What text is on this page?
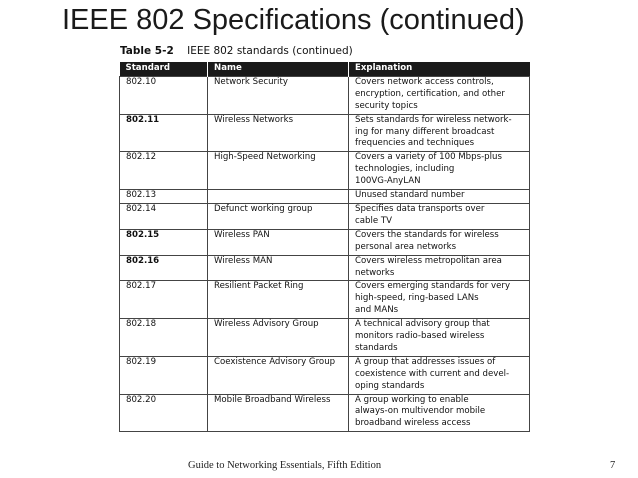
IEEE 802 Specifications (continued)
Table 5-2 IEEE 802 standards (continued)
Standard	Name	Explanation
802.10	Network Security	Covers network access controls,
encryption, certification, and other
security topics

802.11	Wireless Networks	Sets standards for wireless network-
ing for many different broadcast
frequencies and techniques

802.12	High-Speed Networking	Covers a variety of 100 Mbps-plus
technologies, including
100VG-AnyLAN

802.13		Unused standard number

802.14	Defunct working group	Specifies data transports over
cable TV

802.15	Wireless PAN	Covers the standards for wireless
personal area networks

802.16	Wireless MAN	Covers wireless metropolitan area
networks

802.17	Resilient Packet Ring	Covers emerging standards for very
high-speed, ring-based LANs
and MANs

802.18	Wireless Advisory Group	A technical advisory group that
monitors radio-based wireless
standards

802.19	Coexistence Advisory Group	A group that addresses issues of
coexistence with current and devel-
oping standards

802.20	Mobile Broadband Wireless	A group working to enable
always-on multivendor mobile
broadband wireless access
Guide to Networking Essentials, Fifth Edition	7
